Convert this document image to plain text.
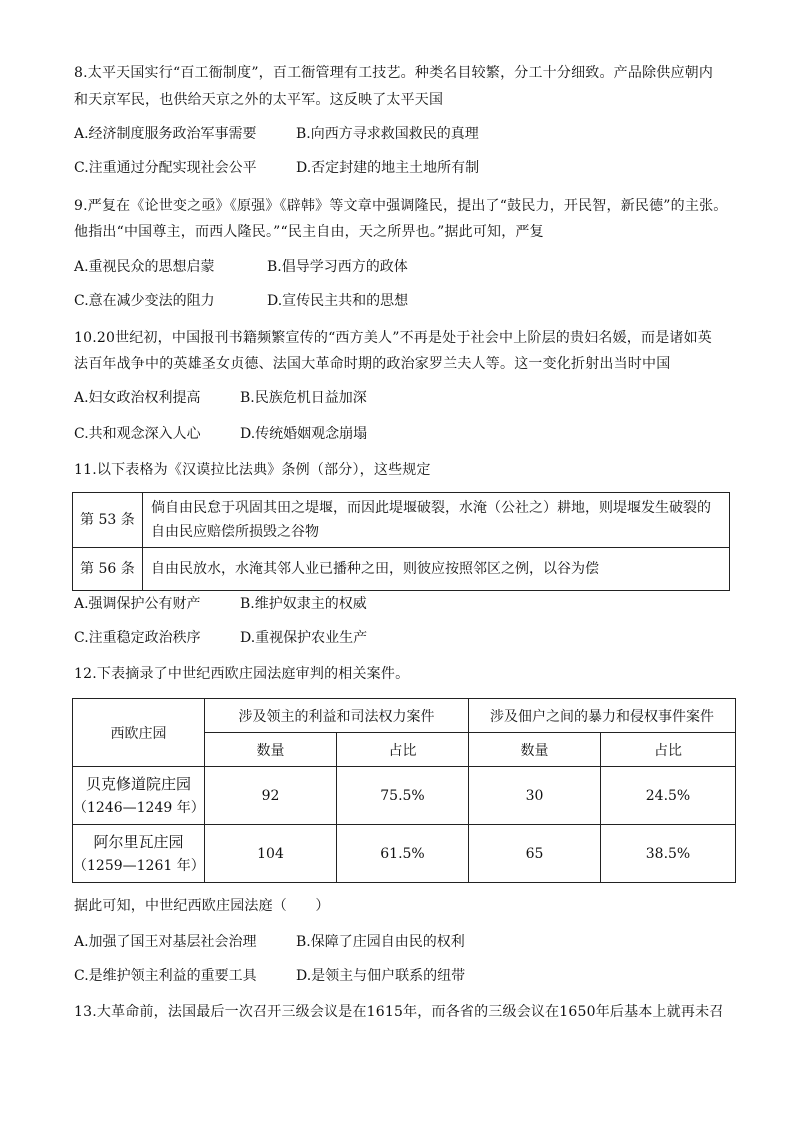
8.太平天国实行“百工衙制度”，百工衙管理有工技艺。种类名目较繁，分工十分细致。产品除供应朝内
和天京军民，也供给天京之外的太平军。这反映了太平天国
A.经济制度服务政治军事需要	B.向西方寻求救国救民的真理
C.注重通过分配实现社会公平	D.否定封建的地主土地所有制
9.严复在《论世变之亟》《原强》《辟韩》等文章中强调隆民，提出了“鼓民力，开民智，新民德”的主张。
他指出“中国尊主，而西人隆民。”“民主自由，天之所畀也。”据此可知，严复
A.重视民众的思想启蒙	B.倡导学习西方的政体
C.意在减少变法的阻力	D.宣传民主共和的思想
10.20世纪初，中国报刊书籍频繁宣传的“西方美人”不再是处于社会中上阶层的贵妇名媛，而是诸如英
法百年战争中的英雄圣女贞德、法国大革命时期的政治家罗兰夫人等。这一变化折射出当时中国
A.妇女政治权利提高	B.民族危机日益加深
C.共和观念深入人心	D.传统婚姻观念崩塌
11.以下表格为《汉谟拉比法典》条例（部分），这些规定
第 53 条	倘自由民怠于巩固其田之堤堰，而因此堤堰破裂，水淹（公社之）耕地，则堤堰发生破裂的
自由民应赔偿所损毁之谷物

第 56 条	自由民放水，水淹其邻人业已播种之田，则彼应按照邻区之例，以谷为偿
A.强调保护公有财产	B.维护奴隶主的权威
C.注重稳定政治秩序	D.重视保护农业生产
12.下表摘录了中世纪西欧庄园法庭审判的相关案件。
西欧庄园	涉及领主的利益和司法权力案件		涉及佃户之间的暴力和侵权事件案件	
	数量	占比	数量	占比

贝克修道院庄园
（1246—1249 年）	92	75.5%	30	24.5%

阿尔里瓦庄园
（1259—1261 年）	104	61.5%	65	38.5%
据此可知，中世纪西欧庄园法庭（　　）
A.加强了国王对基层社会治理	B.保障了庄园自由民的权利
C.是维护领主利益的重要工具	D.是领主与佃户联系的纽带
13.大革命前，法国最后一次召开三级会议是在1615年，而各省的三级会议在1650年后基本上就再未召
